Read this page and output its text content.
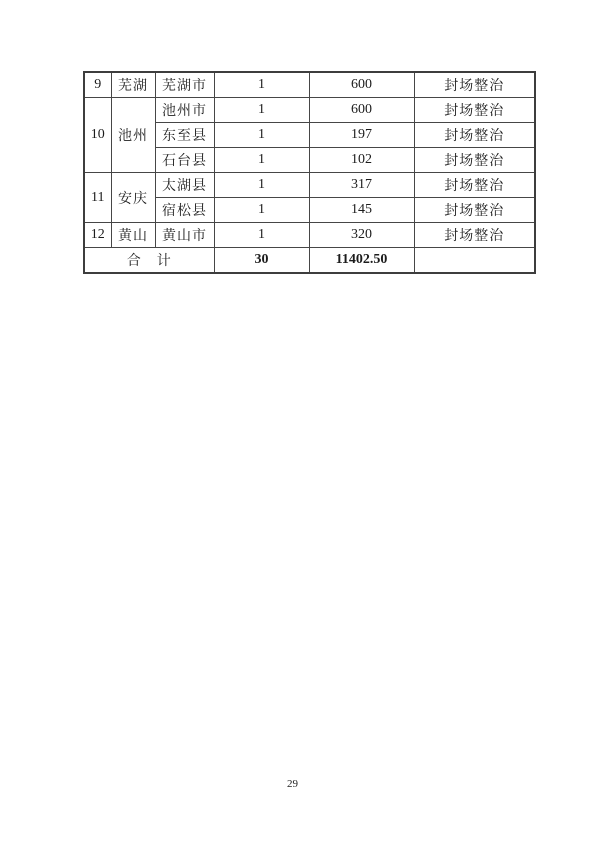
9	芜湖	芜湖市	1	600	封场整治
10	池州	池州市	1	600	封场整治
		东至县	1	197	封场整治
		石台县	1	102	封场整治
11	安庆	太湖县	1	317	封场整治
		宿松县	1	145	封场整治
12	黄山	黄山市	1	320	封场整治
合　计			30	11402.50	
29
